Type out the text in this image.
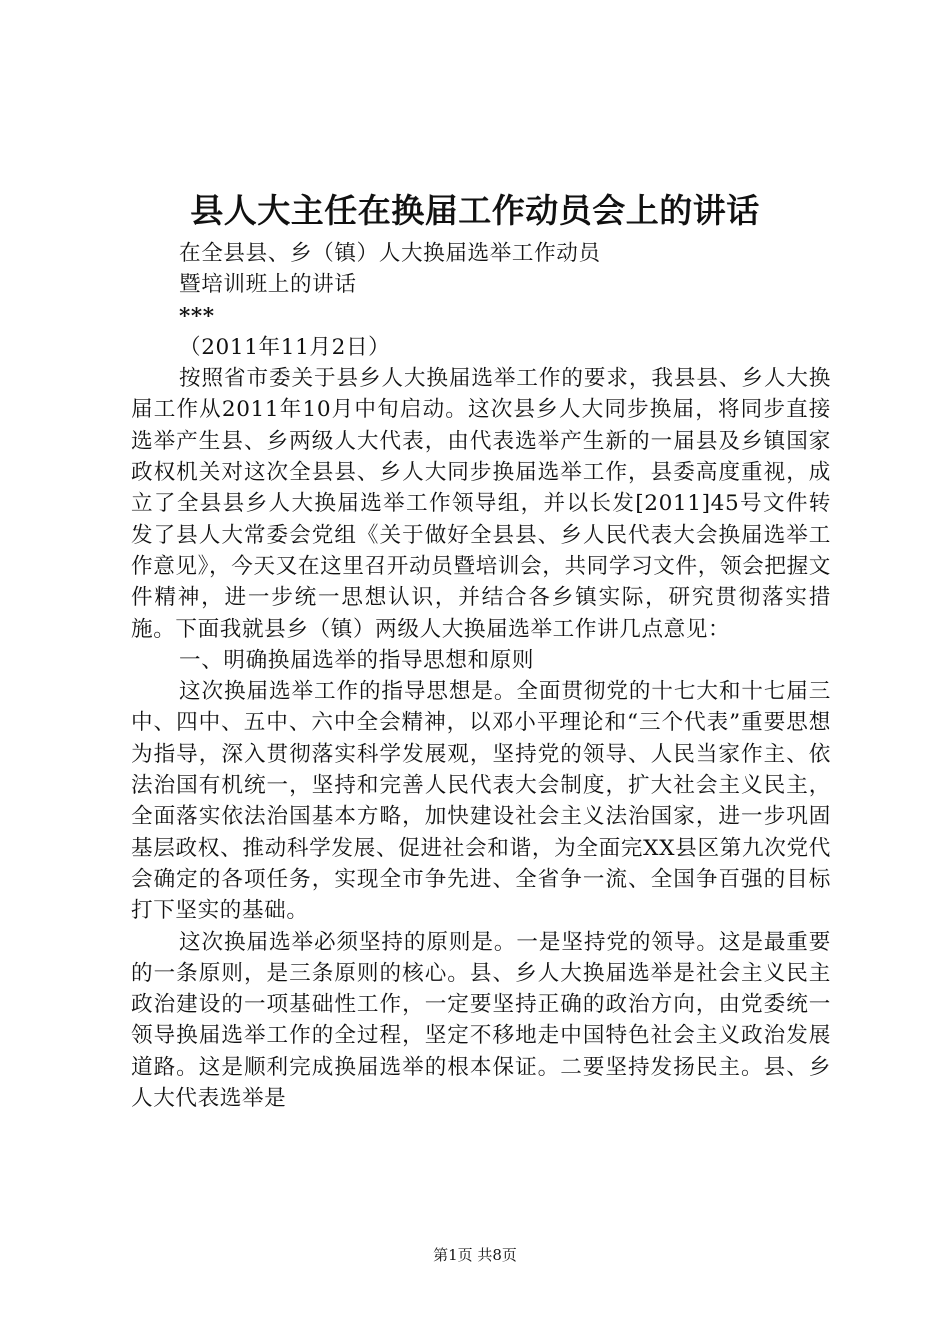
县人大主任在换届工作动员会上的讲话

在全县县、乡（镇）人大换届选举工作动员

暨培训班上的讲话

***

（2011年11月2日）

按照省市委关于县乡人大换届选举工作的要求，我县县、乡人大换届工作从2011年10月中旬启动。这次县乡人大同步换届，将同步直接选举产生县、乡两级人大代表，由代表选举产生新的一届县及乡镇国家政权机关对这次全县县、乡人大同步换届选举工作，县委高度重视，成立了全县县乡人大换届选举工作领导组，并以长发[2011]45号文件转发了县人大常委会党组《关于做好全县县、乡人民代表大会换届选举工作意见》，今天又在这里召开动员暨培训会，共同学习文件，领会把握文件精神，进一步统一思想认识，并结合各乡镇实际，研究贯彻落实措施。下面我就县乡（镇）两级人大换届选举工作讲几点意见：

一、明确换届选举的指导思想和原则

这次换届选举工作的指导思想是。全面贯彻党的十七大和十七届三中、四中、五中、六中全会精神，以邓小平理论和“三个代表”重要思想为指导，深入贯彻落实科学发展观，坚持党的领导、人民当家作主、依法治国有机统一，坚持和完善人民代表大会制度，扩大社会主义民主，全面落实依法治国基本方略，加快建设社会主义法治国家，进一步巩固基层政权、推动科学发展、促进社会和谐，为全面完XX县区第九次党代会确定的各项任务，实现全市争先进、全省争一流、全国争百强的目标打下坚实的基础。

这次换届选举必须坚持的原则是。一是坚持党的领导。这是最重要的一条原则，是三条原则的核心。县、乡人大换届选举是社会主义民主政治建设的一项基础性工作，一定要坚持正确的政治方向，由党委统一领导换届选举工作的全过程，坚定不移地走中国特色社会主义政治发展道路。这是顺利完成换届选举的根本保证。二要坚持发扬民主。县、乡人大代表选举是

第1页 共8页
